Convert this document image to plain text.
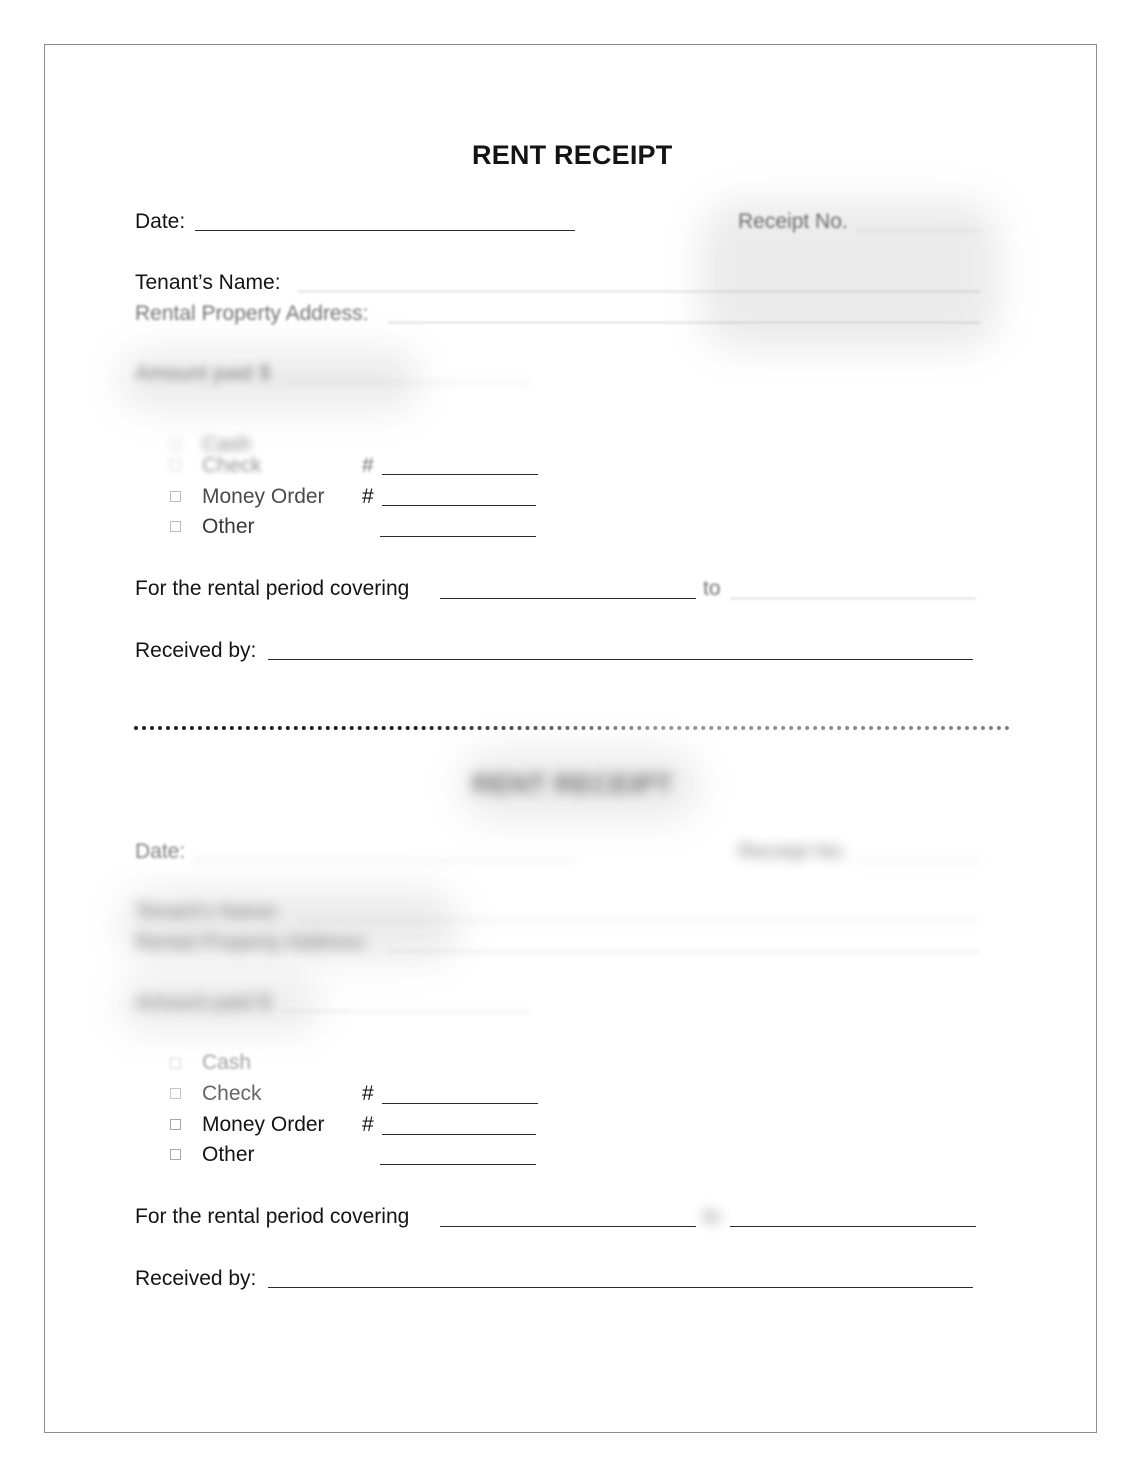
RENT RECEIPT
Date:	Receipt No.
Tenant’s Name:
Rental Property Address:
Amount paid $
Cash
Check	#
Money Order #
Other
For the rental period covering	to
Received by:
RENT RECEIPT
Date:	Receipt No.
Tenant’s Name:
Rental Property Address:
Amount paid $
Cash
Check	#
Money Order #
Other
For the rental period covering	to
Received by:
